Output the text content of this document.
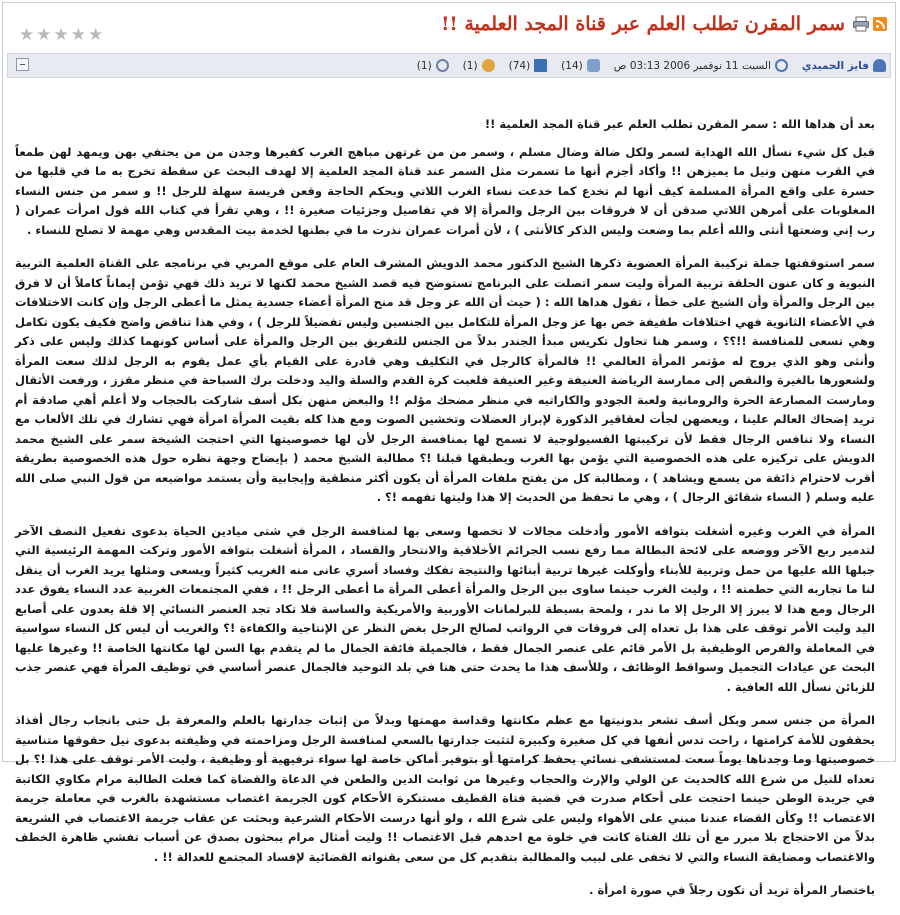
سمر المقرن تطلب العلم عبر قناة المجد العلمية !!
★ ★ ★ ★ ★
فايز الحميدي
السبت 11 نوفمبر 2006 03:13 ص
(14)
(74)
(1)
(1)

بعد أن هداها الله : سمر المقرن تطلب العلم عبر قناة المجد العلمية !!

قبل كل شيء نسأل الله الهداية لسمر ولكل ضالة وضال مسلم ، وسمر من من غرتهن مباهج الغرب كفيرها وجدن من من يحتفي بهن ويمهد لهن طمعاً في القرب منهن ونيل ما يميزهن !! وأكاد أجزم أنها ما تسمرت مثل السمر عند قناة المجد العلمية إلا لهدف البحث عن سقطة تخرج به ما في قلبها من حسرة على واقع المرأة المسلمة كيف أنها لم تخدع كما خدعت نساء الغرب اللاتي وبحكم الحاجة وقعن فريسة سهلة للرجل !! و سمر من جنس النساء المغلوبات على أمرهن اللاتي صدقن أن لا فروقات بين الرجل والمرأة إلا في تفاصيل وجزئيات صغيرة !! ، وهي تقرأ في كتاب الله قول امرأت عمران ( رب إني وضعتها أنثى والله أعلم بما وضعت وليس الذكر كالأنثى ) ، لأن أمرات عمران نذرت ما في بطنها لخدمة بيت المقدس وهي مهمة لا تصلح للنساء .

سمر استوقفتها جملة تركيبة المرأة العضوية ذكرها الشيخ الدكتور محمد الدويش المشرف العام على موقع المربي في برنامجه على القناة العلمية التربية النبوية و كان عنون الحلقة تربية المرأة وليت سمر اتصلت على البرنامج تستوضح فيه قصد الشيخ محمد لكنها لا تريد ذلك فهي تؤمن إيماناً كاملاً أن لا فرق بين الرجل والمرأة وأن الشيخ على خطأ ، تقول هداها الله : ( حيث أن الله عز وجل قد منح المرأة أعضاء جسدية يمثل ما أعطى الرجل وإن كانت الاختلافات في الأعضاء الثانوية فهي اختلافات طفيفة خص بها عز وجل المرأة للتكامل بين الجنسين وليس تفضيلاً للرجل ) ، وفي هذا تناقض واضح فكيف يكون تكامل وهي تسعى للمنافسة !!؟؟ ، وسمر هنا تحاول تكريس مبدأ الجندر بدلاً من الجنس للتفريق بين الرجل والمرأة على أساس كونهما كذلك وليس على ذكر وأنثى وهو الذي يروج له مؤتمر المرأة العالمي !! فالمرأة كالرجل في التكليف وهي قادرة على القيام بأي عمل يقوم به الرجل لذلك سعت المرأة ولشعورها بالغيرة والنقص إلى ممارسة الرياضة العنيفة وغير العنيفة فلعبت كرة القدم والسلة واليد ودخلت برك السباحة في منظر مقزز ، ورفعت الأثقال ومارست المصارعة الحرة والرومانية ولعبة الجودو والكاراتيه في منظر مضحك مؤلم !! والبعض منهن بكل أسف شاركت بالحجاب ولا أعلم أهي صادقة أم تريد إضحاك العالم علينا ، ويعضهن لجأت لعقاقير الذكورة لإبراز العضلات وتخشين الصوت ومع هذا كله بقيت المرأة امرأة فهي تشارك في تلك الألعاب مع النساء ولا تنافس الرجال فقط لأن تركيبتها الفسيولوجية لا تسمح لها بمنافسة الرجل لأن لها خصوصيتها التي احتجت الشيخة سمر على الشيخ محمد الدويش على تركيزه على هذه الخصوصية التي يؤمن بها الغرب ويطبقها قبلنا !؟ مطالبة الشيخ محمد ( بإيضاح وجهة نظره حول هذه الخصوصية بطريقة أقرب لاحترام ذائقة من يسمع ويشاهد ) ، ومطالبة كل من يفتح ملفات المرأة أن يكون أكثر منطقية وإيجابية وأن يستمد مواضيعه من قول النبي صلى الله عليه وسلم ( النساء شقائق الرجال ) ، وهي ما تحفظ من الحديث إلا هذا وليتها تفهمه !؟ .

المرأة في الغرب وغيره أشغلت بتوافه الأمور وأدخلت مجالات لا تخصها وسعى بها لمنافسة الرجل في شتى ميادين الحياة بدعوى تفعيل النصف الآخر لتدمير ربع الآخر ووضعه على لائحة البطالة مما رفع نسب الجرائم الأخلاقية والانتحار والفساد ، المرأة أشغلت بتوافه الأمور وتركت المهمة الرئيسية التي جبلها الله عليها من حمل وتربية للأبناء وأوكلت غيرها تربية أبنائها والنتيجة تفكك وفساد أسري عانى منه الغريب كثيراً ويسعى ومثلها يريد الغرب أن ينقل لنا ما تجاربه التي حطمته !! ، وليت الغرب حينما ساوى بين الرجل والمرأة أعطى المرأة ما أعطى الرجل !! ، ففي المجتمعات الغربية عدد النساء يفوق عدد الرجال ومع هذا لا يبرز إلا الرجل إلا ما ندر ، ولمحة بسيطة للبرلمانات الأوربية والأمريكية والساسة فلا تكاد تجد العنصر النسائي إلا قلة يعدون على أصابع اليد وليت الأمر توقف على هذا بل تعداه إلى فروقات في الرواتب لصالح الرجل بغض النظر عن الإنتاجية والكفاءة !؟ والغريب أن ليس كل النساء سواسية في المعاملة والفرص الوظيفية بل الأمر قائم على عنصر الجمال فقط ، فالجميلة فائقة الجمال ما لم يتقدم بها السن لها مكانتها الخاصة !! وغيرها عليها البحث عن عيادات التجميل وسواقط الوظائف ، وللأسف هذا ما يحدث حتى هنا في بلد التوحيد فالجمال عنصر أساسي في توظيف المرأة فهي عنصر جذب للزبائن نسأل الله العافية .

المرأة من جنس سمر وبكل أسف تشعر بدونيتها مع عظم مكانتها وقداسة مهمتها وبدلاً من إثبات جدارتها بالعلم والمعرفة بل حتى بانجاب رجال أفذاذ يحققون للأمة كرامتها ، راحت تدس أنفها في كل صغيرة وكبيرة لتثبت جدارتها بالسعي لمنافسة الرجل ومزاحمته في وظيفته بدعوى نيل حقوقها متناسية خصوصيتها وما وجدناها يوماً سعت لمستشفى نسائي يحفظ كرامتها أو بتوفير أماكن خاصة لها سواء ترفيهية أو وظيفية ، وليت الأمر توقف على هذا !؟ بل تعداه للنيل من شرع الله كالحديث عن الولي والإرث والحجاب وغيرها من ثوابت الدين والطعن في الدعاة والقضاة كما فعلت الطالبة مرام مكاوي الكاتبة في جريدة الوطن حينما احتجت على أحكام صدرت في قضية فتاة القطيف مستنكرة الأحكام كون الجريمة اغتصاب مستشهدة بالغرب في معاملة جريمة الاغتصاب !! وكأن القضاء عندنا مبني على الأهواء وليس على شرع الله ، ولو أنها درست الأحكام الشرعية وبحثت عن عقاب جريمة الاغتصاب في الشريعة بدلاً من الاحتجاج بلا مبرر مع أن تلك الفتاة كانت في خلوة مع احدهم قبل الاغتصاب !! وليت أمثال مرام يبحثون بصدق عن أسباب تفشي ظاهرة الخطف والاغتصاب ومضايقة النساء والتي لا تخفى على لبيب والمطالبة بتقديم كل من سعى بقنواته القضائية لإفساد المجتمع للعدالة !! .

باختصار المرأة تريد أن تكون رجلاً في صورة امرأة .
